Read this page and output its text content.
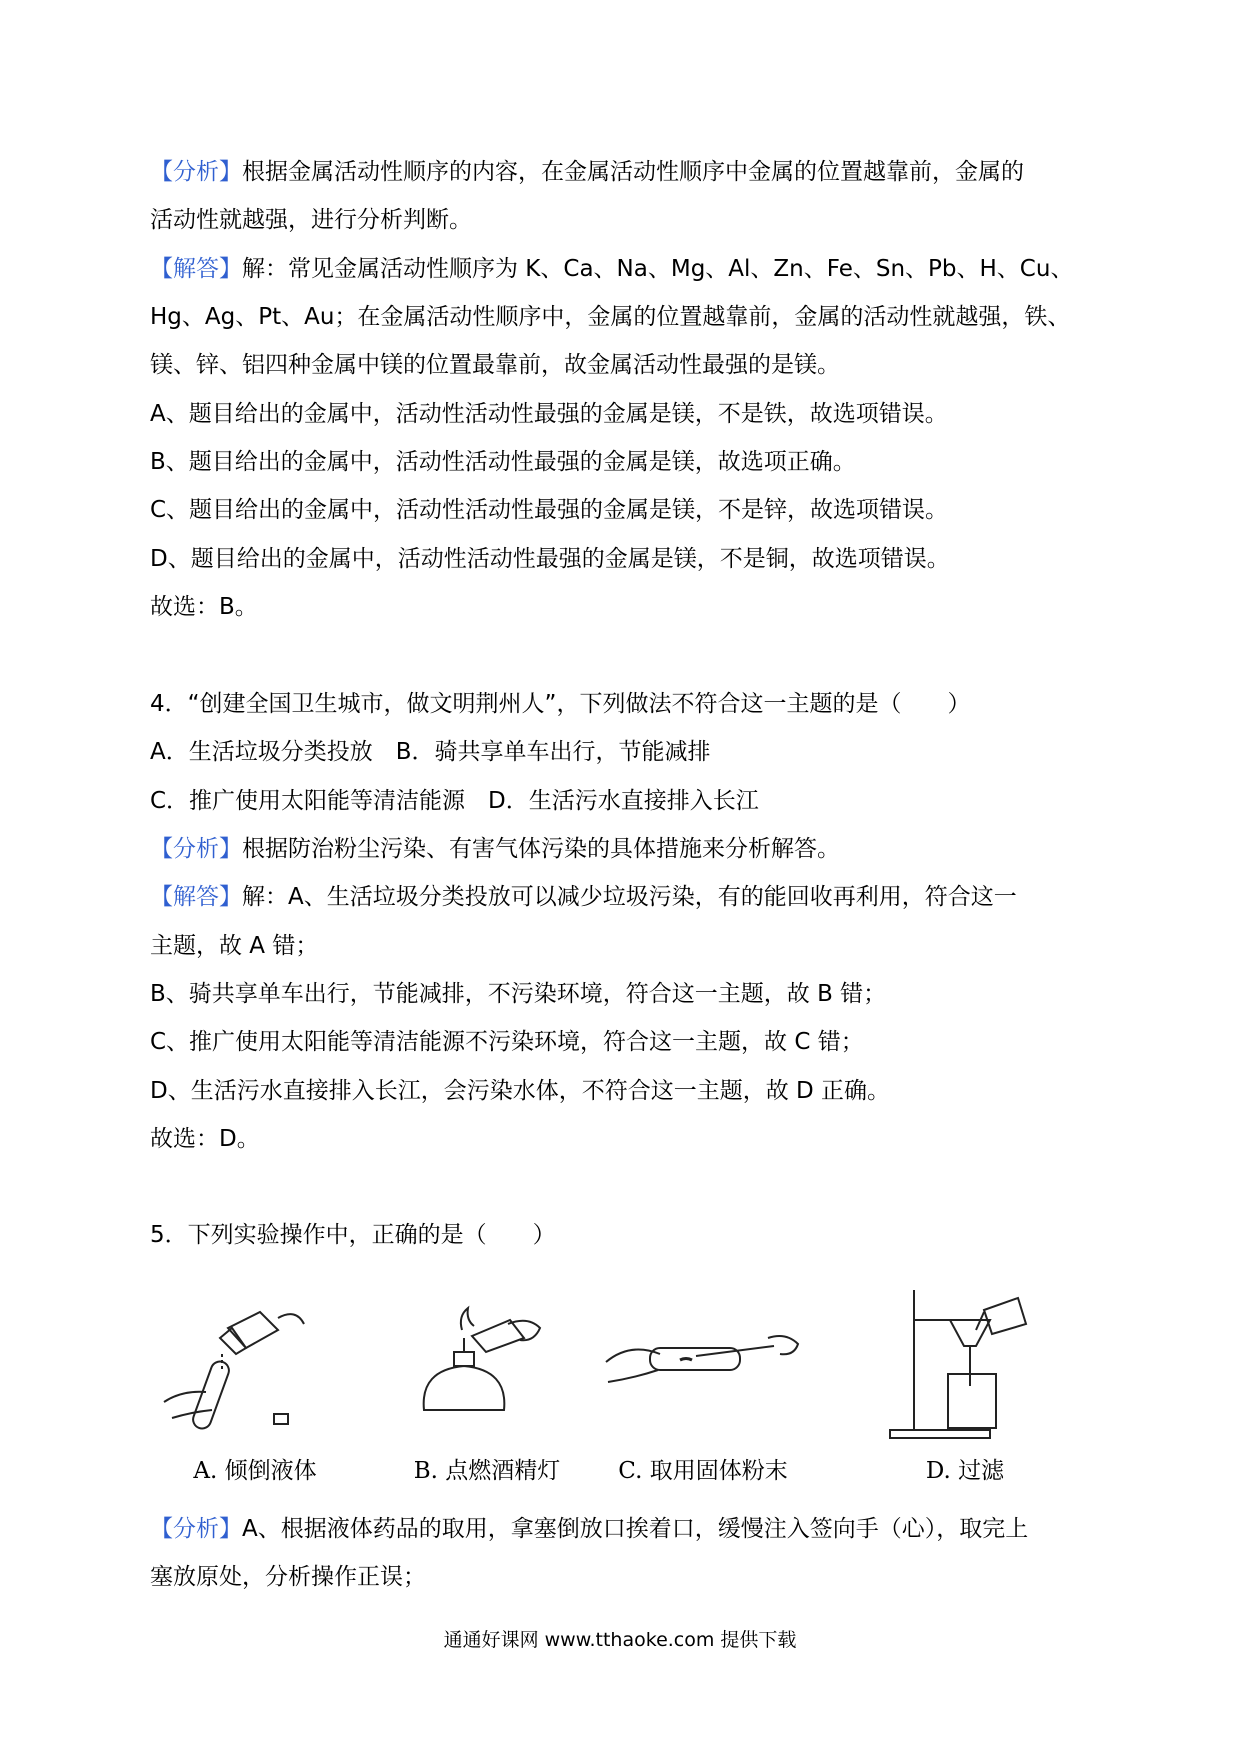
【分析】根据金属活动性顺序的内容，在金属活动性顺序中金属的位置越靠前，金属的
活动性就越强，进行分析判断。
【解答】解：常见金属活动性顺序为 K、Ca、Na、Mg、Al、Zn、Fe、Sn、Pb、H、Cu、
Hg、Ag、Pt、Au；在金属活动性顺序中，金属的位置越靠前，金属的活动性就越强，铁、
镁、锌、铝四种金属中镁的位置最靠前，故金属活动性最强的是镁。
A、题目给出的金属中，活动性活动性最强的金属是镁，不是铁，故选项错误。
B、题目给出的金属中，活动性活动性最强的金属是镁，故选项正确。
C、题目给出的金属中，活动性活动性最强的金属是镁，不是锌，故选项错误。
D、题目给出的金属中，活动性活动性最强的金属是镁，不是铜，故选项错误。
故选：B。
4．“创建全国卫生城市，做文明荆州人”，下列做法不符合这一主题的是（　　）
A．生活垃圾分类投放　B．骑共享单车出行，节能减排
C．推广使用太阳能等清洁能源　D．生活污水直接排入长江
【分析】根据防治粉尘污染、有害气体污染的具体措施来分析解答。
【解答】解：A、生活垃圾分类投放可以减少垃圾污染，有的能回收再利用，符合这一
主题，故 A 错；
B、骑共享单车出行，节能减排，不污染环境，符合这一主题，故 B 错；
C、推广使用太阳能等清洁能源不污染环境，符合这一主题，故 C 错；
D、生活污水直接排入长江，会污染水体，不符合这一主题，故 D 正确。
故选：D。
5．下列实验操作中，正确的是（　　）
A. 倾倒液体	B. 点燃酒精灯	C. 取用固体粉末	D. 过滤
【分析】A、根据液体药品的取用，拿塞倒放口挨着口，缓慢注入签向手（心），取完上
塞放原处，分析操作正误；
通通好课网 www.tthaoke.com 提供下载
